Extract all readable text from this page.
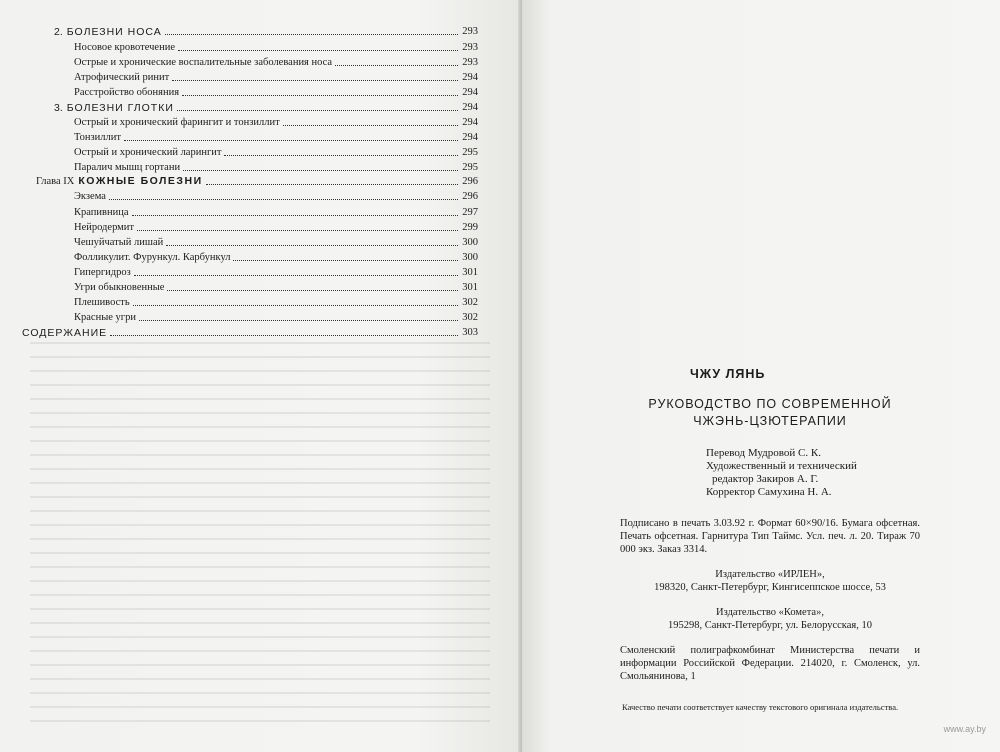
2. БОЛЕЗНИ НОСА	293
Носовое кровотечение	293
Острые и хронические воспалительные заболевания носа	293
Атрофический ринит	294
Расстройство обоняния	294
3. БОЛЕЗНИ ГЛОТКИ	294
Острый и хронический фарингит и тонзиллит	294
Тонзиллит	294
Острый и хронический ларингит	295
Паралич мышц гортани	295
Глава IX КОЖНЫЕ БОЛЕЗНИ	296
Экзема	296
Крапивница	297
Нейродермит	299
Чешуйчатый лишай	300
Фолликулит. Фурункул. Карбункул	300
Гипергидроз	301
Угри обыкновенные	301
Плешивость	302
Красные угри	302
СОДЕРЖАНИЕ	303
ЧЖУ ЛЯНЬ
РУКОВОДСТВО ПО СОВРЕМЕННОЙ
ЧЖЭНЬ-ЦЗЮТЕРАПИИ
Перевод Мудровой С. К.
Художественный и технический
редактор Закиров А. Г.
Корректор Самухина Н. А.

Подписано в печать 3.03.92 г. Формат 60×90/16. Бумага офсетная. Печать офсетная. Гарнитура Тип Таймс. Усл. печ. л. 20. Тираж 70 000 экз. Заказ 3314.

Издательство «ИРЛЕН»,
198320, Санкт-Петербург, Кингисеппское шоссе, 53

Издательство «Комета»,
195298, Санкт-Петербург, ул. Белорусская, 10

Смоленский полиграфкомбинат Министерства печати и информации Российской Федерации. 214020, г. Смоленск, ул. Смольянинова, 1

Качество печати соответствует качеству текстового оригинала издательства.
www.ay.by
